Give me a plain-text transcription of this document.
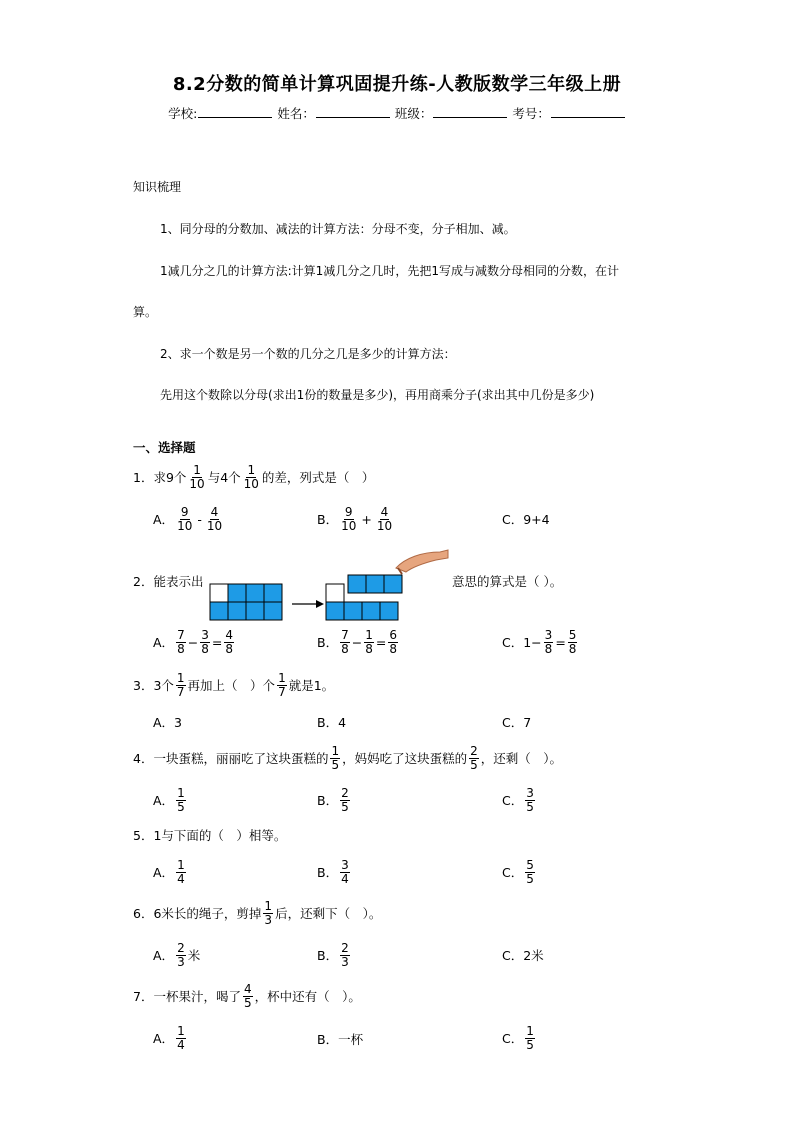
8.2分数的简单计算巩固提升练-人教版数学三年级上册
学校:	姓名：	班级：	考号：
知识梳理
1、同分母的分数加、减法的计算方法：分母不变，分子相加、减。
1减几分之几的计算方法:计算1减几分之几时，先把1写成与减数分母相同的分数，在计
算。
2、求一个数是另一个数的几分之几是多少的计算方法：
先用这个数除以分母(求出1份的数量是多少)，再用商乘分子(求出其中几份是多少)
一、选择题
1． 求9个 $\frac{1}{10}$ 与4个 $\frac{1}{10}$ 的差，列式是（　）
A． $\frac{9}{10} - \frac{4}{10}$	B． $\frac{9}{10} + \frac{4}{10}$	C．9+4
2．能表示出	意思的算式是（ ）。
A． $\frac{7}{8} - \frac{3}{8} = \frac{4}{8}$	B． $\frac{7}{8} - \frac{1}{8} = \frac{6}{8}$	C． $1- \frac{3}{8} = \frac{5}{8}$
3． 3个 $\frac{1}{7}$ 再加上（　）个 $\frac{1}{7}$ 就是1。
A．3	B．4	C．7
4． 一块蛋糕，丽丽吃了这块蛋糕的 $\frac{1}{5}$ ，妈妈吃了这块蛋糕的 $\frac{2}{5}$ ，还剩（　）。
A． $\frac{1}{5}$	B． $\frac{2}{5}$	C． $\frac{3}{5}$
5．1与下面的（　）相等。
A． $\frac{1}{4}$	B． $\frac{3}{4}$	C． $\frac{5}{5}$
6． 6米长的绳子，剪掉 $\frac{1}{3}$ 后，还剩下（　）。
A． $\frac{2}{3}$ 米	B． $\frac{2}{3}$	C．2米
7． 一杯果汁，喝了 $\frac{4}{5}$ ，杯中还有（　）。
A． $\frac{1}{4}$	B．一杯	C． $\frac{1}{5}$
